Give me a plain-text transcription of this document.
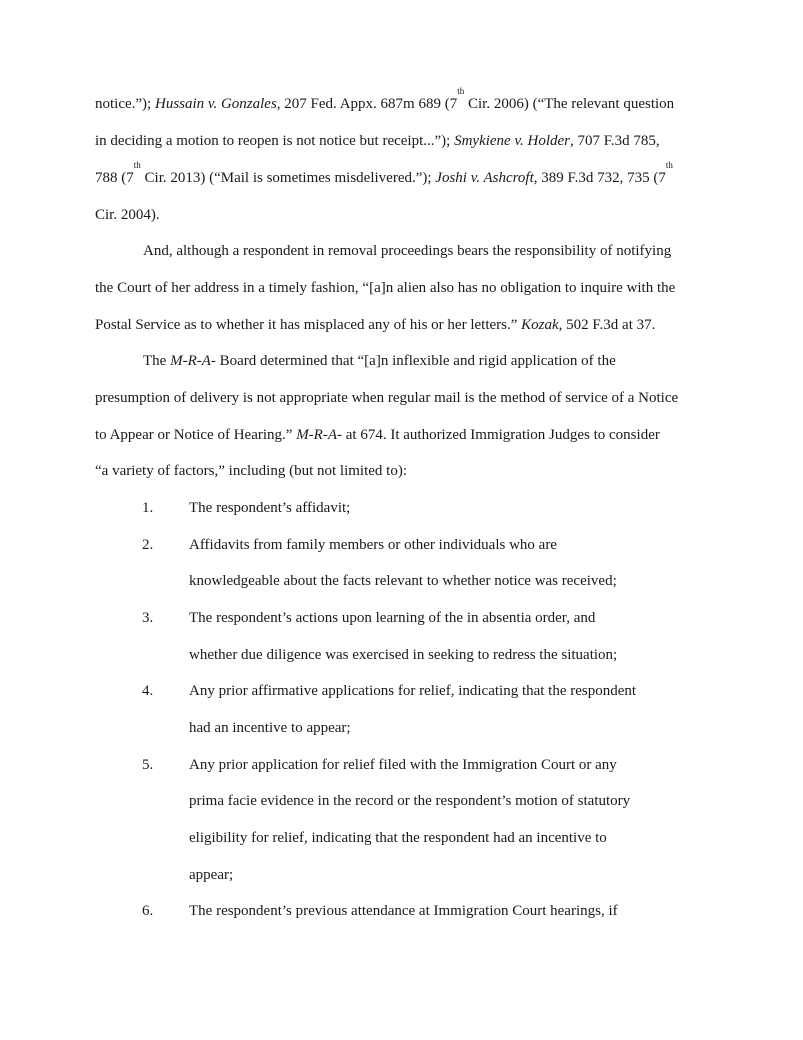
notice.”); Hussain v. Gonzales, 207 Fed. Appx. 687m 689 (7th Cir. 2006) (“The relevant question
in deciding a motion to reopen is not notice but receipt...”); Smykiene v. Holder, 707 F.3d 785,
788 (7th Cir. 2013) (“Mail is sometimes misdelivered.”); Joshi v. Ashcroft, 389 F.3d 732, 735 (7th
Cir. 2004).
And, although a respondent in removal proceedings bears the responsibility of notifying
the Court of her address in a timely fashion, “[a]n alien also has no obligation to inquire with the
Postal Service as to whether it has misplaced any of his or her letters.” Kozak, 502 F.3d at 37.
The M-R-A- Board determined that “[a]n inflexible and rigid application of the
presumption of delivery is not appropriate when regular mail is the method of service of a Notice
to Appear or Notice of Hearing.” M-R-A- at 674. It authorized Immigration Judges to consider
“a variety of factors,” including (but not limited to):
1. The respondent’s affidavit;
2. Affidavits from family members or other individuals who are
knowledgeable about the facts relevant to whether notice was received;
3. The respondent’s actions upon learning of the in absentia order, and
whether due diligence was exercised in seeking to redress the situation;
4. Any prior affirmative applications for relief, indicating that the respondent
had an incentive to appear;
5. Any prior application for relief filed with the Immigration Court or any
prima facie evidence in the record or the respondent’s motion of statutory
eligibility for relief, indicating that the respondent had an incentive to
appear;
6. The respondent’s previous attendance at Immigration Court hearings, if
